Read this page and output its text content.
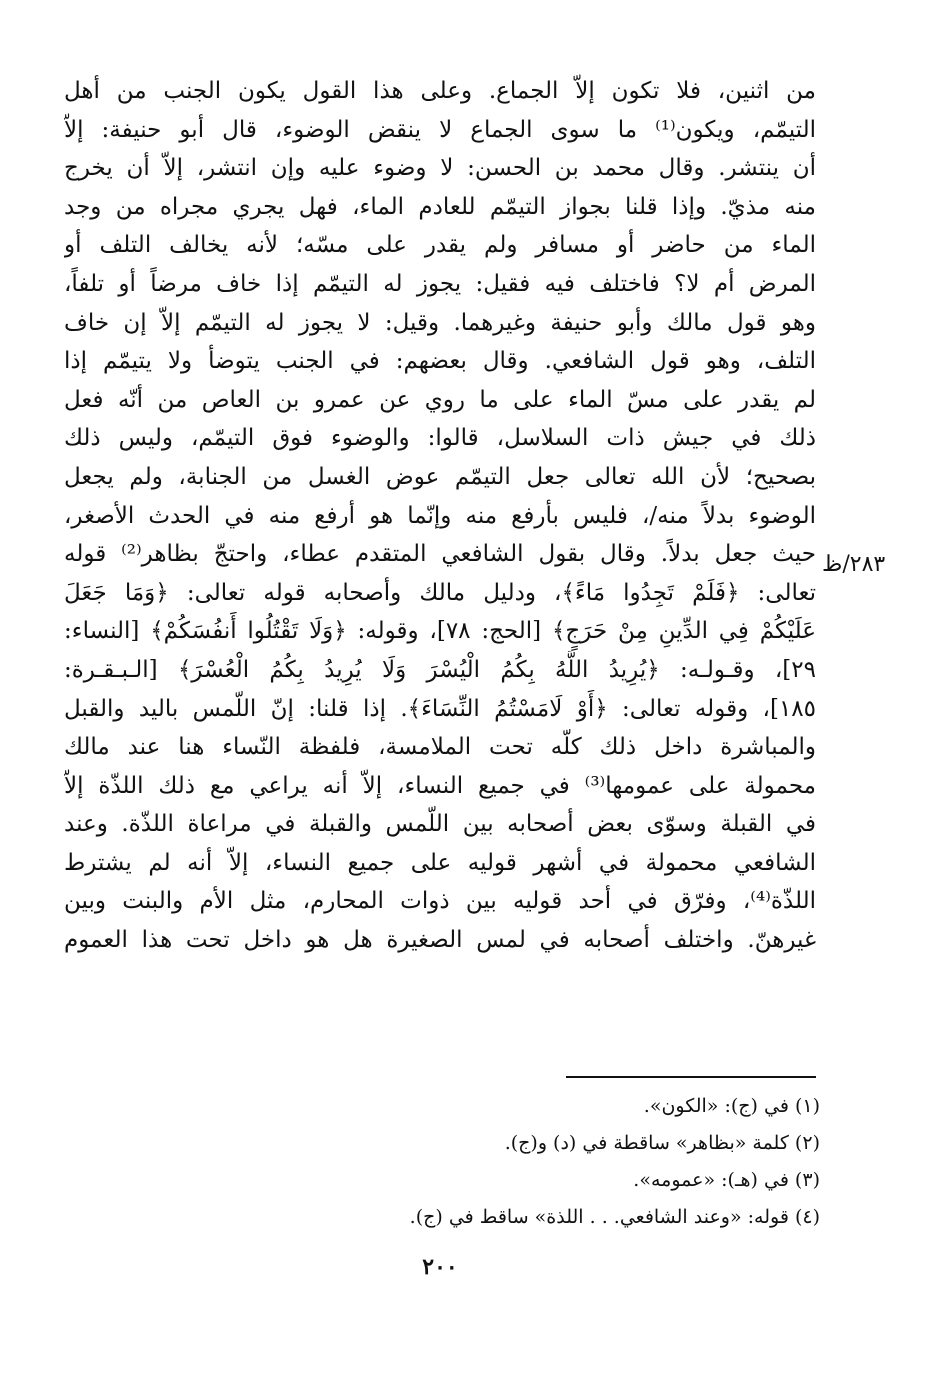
من اثنين، فلا تكون إلاّ الجماع. وعلى هذا القول يكون الجنب من أهل
التيمّم، ويكون⁽¹⁾ ما سوى الجماع لا ينقض الوضوء، قال أبو حنيفة: إلاّ
أن ينتشر. وقال محمد بن الحسن: لا وضوء عليه وإن انتشر، إلاّ أن يخرج
منه مذيّ. وإذا قلنا بجواز التيمّم للعادم الماء، فهل يجري مجراه من وجد
الماء من حاضر أو مسافر ولم يقدر على مسّه؛ لأنه يخالف التلف أو
المرض أم لا؟ فاختلف فيه فقيل: يجوز له التيمّم إذا خاف مرضاً أو تلفاً،
وهو قول مالك وأبو حنيفة وغيرهما. وقيل: لا يجوز له التيمّم إلاّ إن خاف
التلف، وهو قول الشافعي. وقال بعضهم: في الجنب يتوضأ ولا يتيمّم إذا
لم يقدر على مسّ الماء على ما روي عن عمرو بن العاص من أنّه فعل
ذلك في جيش ذات السلاسل، قالوا: والوضوء فوق التيمّم، وليس ذلك
بصحيح؛ لأن الله تعالى جعل التيمّم عوض الغسل من الجنابة، ولم يجعل
الوضوء بدلاً منه/، فليس بأرفع منه وإنّما هو أرفع منه في الحدث الأصغر،
حيث جعل بدلاً. وقال بقول الشافعي المتقدم عطاء، واحتجّ بظاهر⁽²⁾ قوله
تعالى: ﴿فَلَمْ تَجِدُوا مَاءً﴾، ودليل مالك وأصحابه قوله تعالى: ﴿وَمَا جَعَلَ
عَلَيْكُمْ فِي الدِّينِ مِنْ حَرَجٍ﴾ [الحج: ٧٨]، وقوله: ﴿وَلَا تَقْتُلُوا أَنفُسَكُمْ﴾ [النساء:
٢٩]، وقـولـه: ﴿يُرِيدُ اللَّهُ بِكُمُ الْيُسْرَ وَلَا يُرِيدُ بِكُمُ الْعُسْرَ﴾ [الـبـقـرة:
١٨٥]، وقوله تعالى: ﴿أَوْ لَامَسْتُمُ النِّسَاءَ﴾. إذا قلنا: إنّ اللّمس باليد والقبل
والمباشرة داخل ذلك كلّه تحت الملامسة، فلفظة النّساء هنا عند مالك
محمولة على عمومها⁽³⁾ في جميع النساء، إلاّ أنه يراعي مع ذلك اللذّة إلاّ
في القبلة وسوّى بعض أصحابه بين اللّمس والقبلة في مراعاة اللذّة. وعند
الشافعي محمولة في أشهر قوليه على جميع النساء، إلاّ أنه لم يشترط
اللذّة⁽⁴⁾، وفرّق في أحد قوليه بين ذوات المحارم، مثل الأم والبنت وبين
غيرهنّ. واختلف أصحابه في لمس الصغيرة هل هو داخل تحت هذا العموم
٢٨٣/ظ
(١) في (ج): «الكون».
(٢) كلمة «بظاهر» ساقطة في (د) و(ج).
(٣) في (هـ): «عمومه».
(٤) قوله: «وعند الشافعي. . . اللذة» ساقط في (ج).
٢٠٠
